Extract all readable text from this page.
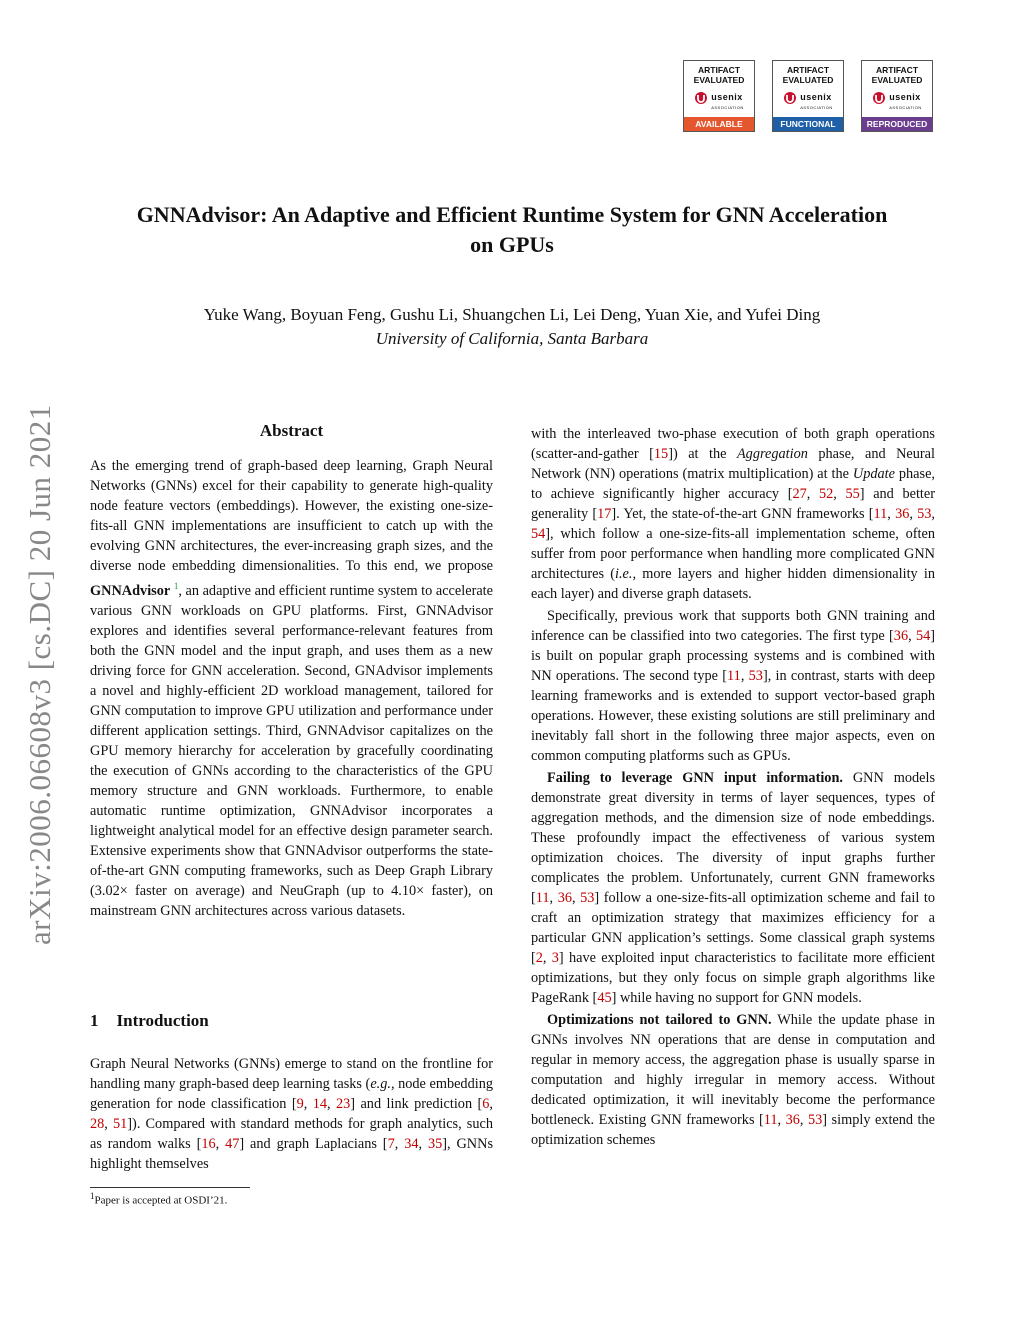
ARTIFACT
EVALUATED
usenix
ASSOCIATION
AVAILABLE
ARTIFACT
EVALUATED
usenix
ASSOCIATION
FUNCTIONAL
ARTIFACT
EVALUATED
usenix
ASSOCIATION
REPRODUCED
arXiv:2006.06608v3 [cs.DC] 20 Jun 2021
GNNAdvisor: An Adaptive and Efficient Runtime System for GNN Acceleration
on GPUs
Yuke Wang, Boyuan Feng, Gushu Li, Shuangchen Li, Lei Deng, Yuan Xie, and Yufei Ding
University of California, Santa Barbara
Abstract

As the emerging trend of graph-based deep learning, Graph Neural Networks (GNNs) excel for their capability to generate high-quality node feature vectors (embeddings). However, the existing one-size-fits-all GNN implementations are insufficient to catch up with the evolving GNN architectures, the ever-increasing graph sizes, and the diverse node embedding dimensionalities. To this end, we propose GNNAdvisor $^1$, an adaptive and efficient runtime system to accelerate various GNN workloads on GPU platforms. First, GNNAdvisor explores and identifies several performance-relevant features from both the GNN model and the input graph, and uses them as a new driving force for GNN acceleration. Second, GNAdvisor implements a novel and highly-efficient 2D workload management, tailored for GNN computation to improve GPU utilization and performance under different application settings. Third, GNNAdvisor capitalizes on the GPU memory hierarchy for acceleration by gracefully coordinating the execution of GNNs according to the characteristics of the GPU memory structure and GNN workloads. Furthermore, to enable automatic runtime optimization, GNNAdvisor incorporates a lightweight analytical model for an effective design parameter search. Extensive experiments show that GNNAdvisor outperforms the state-of-the-art GNN computing frameworks, such as Deep Graph Library (3.02× faster on average) and NeuGraph (up to 4.10× faster), on mainstream GNN architectures across various datasets.

1 Introduction

Graph Neural Networks (GNNs) emerge to stand on the frontline for handling many graph-based deep learning tasks (e.g., node embedding generation for node classification [9, 14, 23] and link prediction [6, 28, 51]). Compared with standard methods for graph analytics, such as random walks [16, 47] and graph Laplacians [7, 34, 35], GNNs highlight themselves

$^1$Paper is accepted at OSDI’21.

with the interleaved two-phase execution of both graph operations (scatter-and-gather [15]) at the Aggregation phase, and Neural Network (NN) operations (matrix multiplication) at the Update phase, to achieve significantly higher accuracy [27, 52, 55] and better generality [17]. Yet, the state-of-the-art GNN frameworks [11, 36, 53, 54], which follow a one-size-fits-all implementation scheme, often suffer from poor performance when handling more complicated GNN architectures (i.e., more layers and higher hidden dimensionality in each layer) and diverse graph datasets.

Specifically, previous work that supports both GNN training and inference can be classified into two categories. The first type [36, 54] is built on popular graph processing systems and is combined with NN operations. The second type [11, 53], in contrast, starts with deep learning frameworks and is extended to support vector-based graph operations. However, these existing solutions are still preliminary and inevitably fall short in the following three major aspects, even on common computing platforms such as GPUs.

Failing to leverage GNN input information. GNN models demonstrate great diversity in terms of layer sequences, types of aggregation methods, and the dimension size of node embeddings. These profoundly impact the effectiveness of various system optimization choices. The diversity of input graphs further complicates the problem. Unfortunately, current GNN frameworks [11, 36, 53] follow a one-size-fits-all optimization scheme and fail to craft an optimization strategy that maximizes efficiency for a particular GNN application’s settings. Some classical graph systems [2, 3] have exploited input characteristics to facilitate more efficient optimizations, but they only focus on simple graph algorithms like PageRank [45] while having no support for GNN models.

Optimizations not tailored to GNN. While the update phase in GNNs involves NN operations that are dense in computation and regular in memory access, the aggregation phase is usually sparse in computation and highly irregular in memory access. Without dedicated optimization, it will inevitably become the performance bottleneck. Existing GNN frameworks [11, 36, 53] simply extend the optimization schemes
